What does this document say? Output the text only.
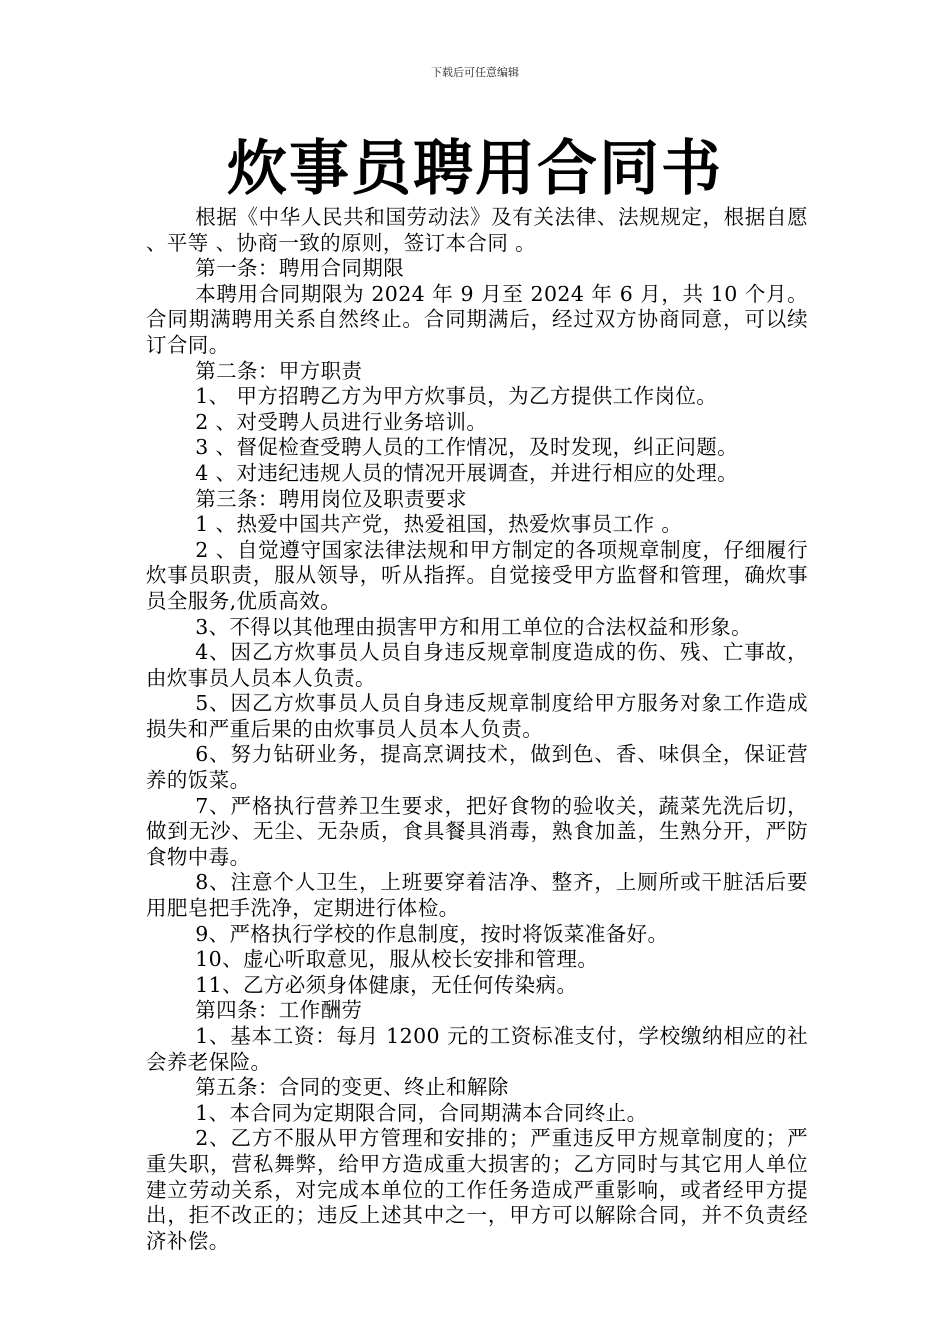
下载后可任意编辑
炊事员聘用合同书

根据《中华人民共和国劳动法》及有关法律、法规规定，根据自愿 、平等 、协商一致的原则，签订本合同 。

第一条：聘用合同期限

本聘用合同期限为 2024 年 9 月至 2024 年 6 月，共 10 个月。合同期满聘用关系自然终止。合同期满后，经过双方协商同意，可以续订合同。

第二条：甲方职责

1、 甲方招聘乙方为甲方炊事员，为乙方提供工作岗位。

2 、对受聘人员进行业务培训。

3 、督促检查受聘人员的工作情况，及时发现，纠正问题。

4 、对违纪违规人员的情况开展调查，并进行相应的处理。

第三条：聘用岗位及职责要求

1 、热爱中国共产党，热爱祖国，热爱炊事员工作 。

2 、自觉遵守国家法律法规和甲方制定的各项规章制度，仔细履行炊事员职责，服从领导，听从指挥。自觉接受甲方监督和管理，确炊事员全服务,优质高效。

3、不得以其他理由损害甲方和用工单位的合法权益和形象。

4、因乙方炊事员人员自身违反规章制度造成的伤、残、亡事故，由炊事员人员本人负责。

5、因乙方炊事员人员自身违反规章制度给甲方服务对象工作造成损失和严重后果的由炊事员人员本人负责。

6、努力钻研业务，提高烹调技术，做到色、香、味俱全，保证营养的饭菜。

7、严格执行营养卫生要求，把好食物的验收关，蔬菜先洗后切，做到无沙、无尘、无杂质，食具餐具消毒，熟食加盖，生熟分开，严防食物中毒。

8、注意个人卫生，上班要穿着洁净、整齐，上厕所或干脏活后要用肥皂把手洗净，定期进行体检。

9、严格执行学校的作息制度，按时将饭菜准备好。

10、虚心听取意见，服从校长安排和管理。

11、乙方必须身体健康，无任何传染病。

第四条：工作酬劳

1、基本工资：每月 1200 元的工资标准支付，学校缴纳相应的社会养老保险。

第五条：合同的变更、终止和解除

1、本合同为定期限合同，合同期满本合同终止。

2、乙方不服从甲方管理和安排的；严重违反甲方规章制度的；严重失职，营私舞弊，给甲方造成重大损害的；乙方同时与其它用人单位建立劳动关系，对完成本单位的工作任务造成严重影响，或者经甲方提出，拒不改正的；违反上述其中之一，甲方可以解除合同，并不负责经济补偿。
